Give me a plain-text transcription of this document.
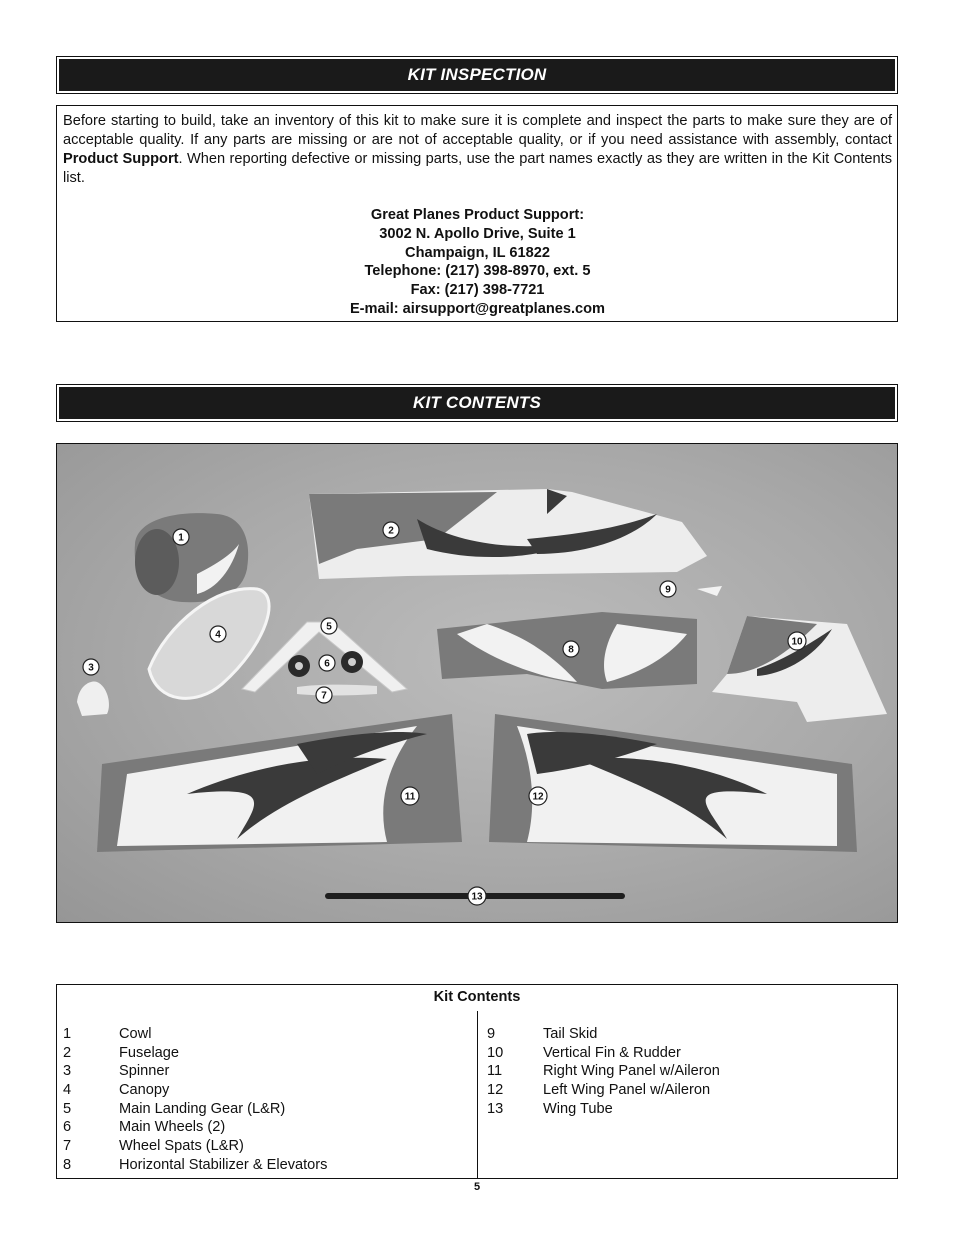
KIT INSPECTION

Before starting to build, take an inventory of this kit to make sure it is complete and inspect the parts to make sure they are of acceptable quality. If any parts are missing or are not of acceptable quality, or if you need assistance with assembly, contact Product Support. When reporting defective or missing parts, use the part names exactly as they are written in the Kit Contents list.

Great Planes Product Support:
3002 N. Apollo Drive, Suite 1
Champaign, IL 61822
Telephone: (217) 398-8970, ext. 5
Fax: (217) 398-7721
E-mail: airsupport@greatplanes.com
KIT CONTENTS
1
2
3
4
5
6
7
8
9
10
11	12
13
Kit Contents
1	Cowl
2	Fuselage
3	Spinner
4	Canopy
5	Main Landing Gear (L&R)
6	Main Wheels (2)
7	Wheel Spats (L&R)
8	Horizontal Stabilizer & Elevators
9	Tail Skid
10	Vertical Fin & Rudder
11	Right Wing Panel w/Aileron
12	Left Wing Panel w/Aileron
13	Wing Tube
5
